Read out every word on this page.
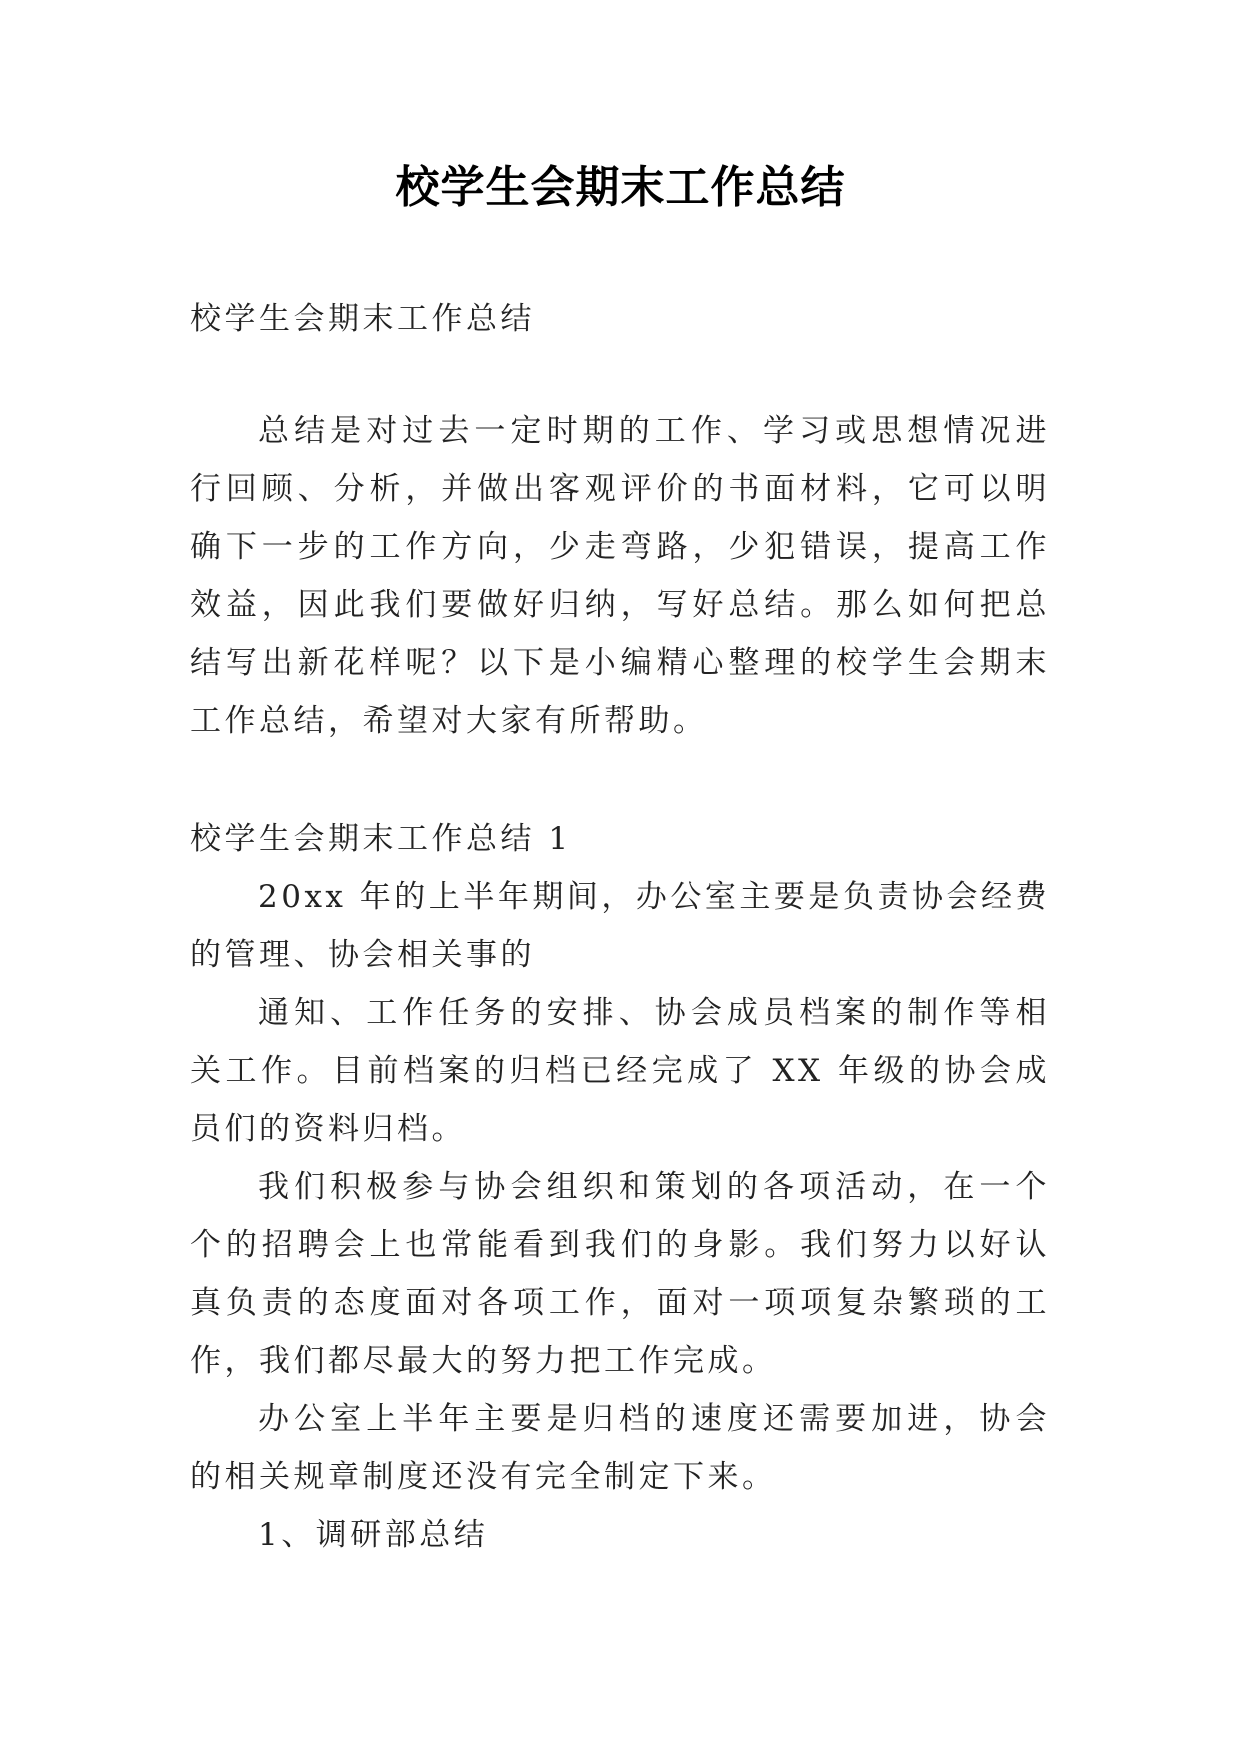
校学生会期末工作总结
校学生会期末工作总结

总结是对过去一定时期的工作、学习或思想情况进行回顾、分析，并做出客观评价的书面材料，它可以明确下一步的工作方向，少走弯路，少犯错误，提高工作效益，因此我们要做好归纳，写好总结。那么如何把总结写出新花样呢？以下是小编精心整理的校学生会期末工作总结，希望对大家有所帮助。

校学生会期末工作总结 1

20xx 年的上半年期间，办公室主要是负责协会经费的管理、协会相关事的

通知、工作任务的安排、协会成员档案的制作等相关工作。目前档案的归档已经完成了 XX 年级的协会成员们的资料归档。

我们积极参与协会组织和策划的各项活动，在一个个的招聘会上也常能看到我们的身影。我们努力以好认真负责的态度面对各项工作，面对一项项复杂繁琐的工作，我们都尽最大的努力把工作完成。

办公室上半年主要是归档的速度还需要加进，协会的相关规章制度还没有完全制定下来。

1、调研部总结
